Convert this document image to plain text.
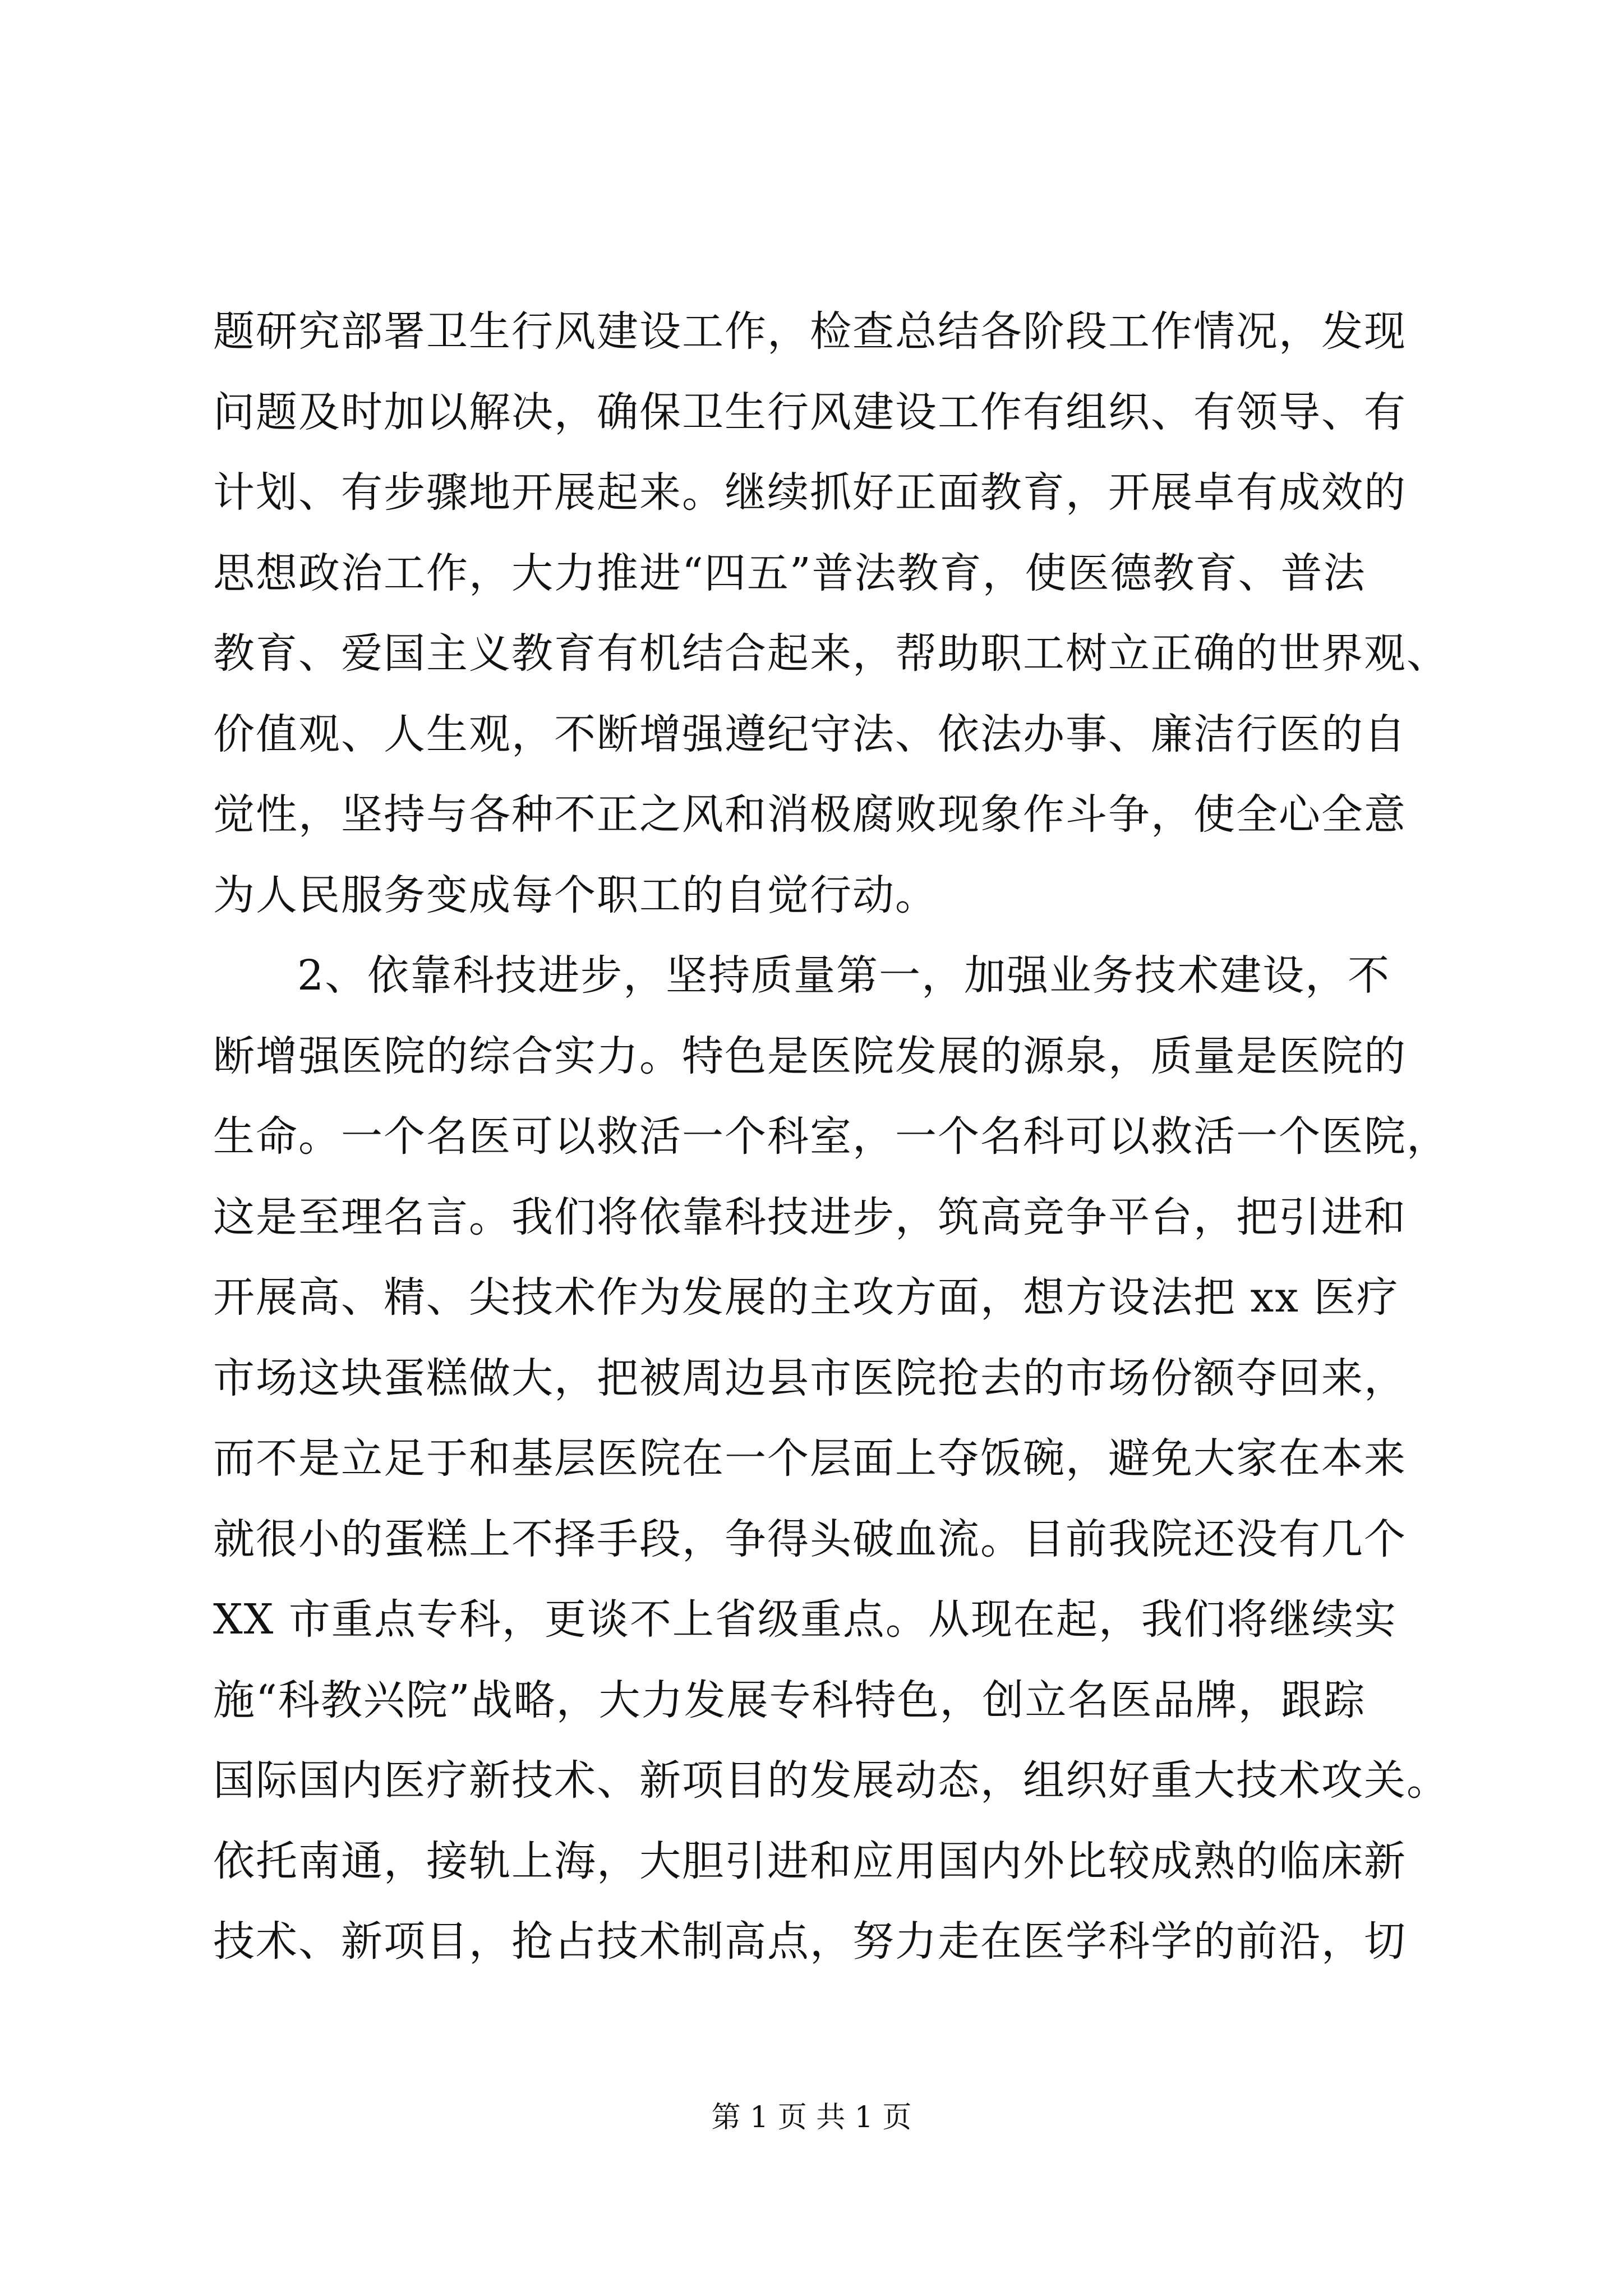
题研究部署卫生行风建设工作，检查总结各阶段工作情况，发现
问题及时加以解决，确保卫生行风建设工作有组织、有领导、有
计划、有步骤地开展起来。继续抓好正面教育，开展卓有成效的
思想政治工作，大力推进“四五”普法教育，使医德教育、普法
教育、爱国主义教育有机结合起来，帮助职工树立正确的世界观、
价值观、人生观，不断增强遵纪守法、依法办事、廉洁行医的自
觉性，坚持与各种不正之风和消极腐败现象作斗争，使全心全意
为人民服务变成每个职工的自觉行动。
2、依靠科技进步，坚持质量第一，加强业务技术建设，不
断增强医院的综合实力。特色是医院发展的源泉，质量是医院的
生命。一个名医可以救活一个科室，一个名科可以救活一个医院，
这是至理名言。我们将依靠科技进步，筑高竞争平台，把引进和
开展高、精、尖技术作为发展的主攻方面，想方设法把 xx 医疗
市场这块蛋糕做大，把被周边县市医院抢去的市场份额夺回来，
而不是立足于和基层医院在一个层面上夺饭碗，避免大家在本来
就很小的蛋糕上不择手段，争得头破血流。目前我院还没有几个
XX 市重点专科，更谈不上省级重点。从现在起，我们将继续实
施“科教兴院”战略，大力发展专科特色，创立名医品牌，跟踪
国际国内医疗新技术、新项目的发展动态，组织好重大技术攻关。
依托南通，接轨上海，大胆引进和应用国内外比较成熟的临床新
技术、新项目，抢占技术制高点，努力走在医学科学的前沿，切
第 1 页 共 1 页
